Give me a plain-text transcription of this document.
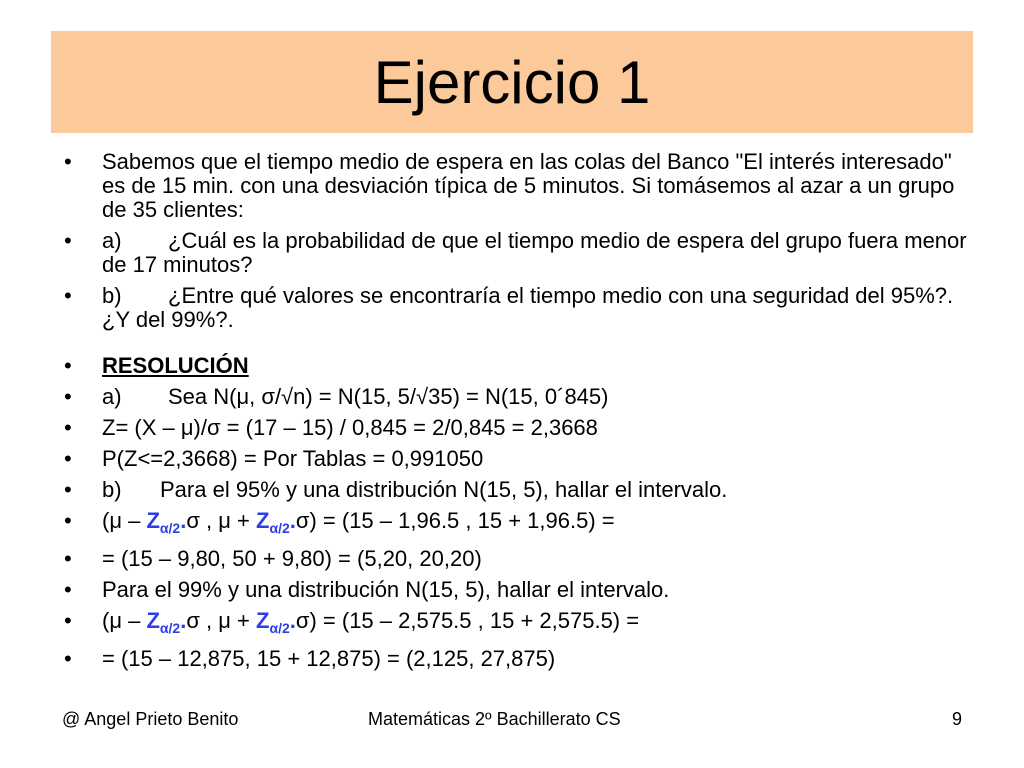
Ejercicio 1
• Sabemos que el tiempo medio de espera en las colas del Banco "El interés interesado" es de 15 min. con una desviación típica de 5 minutos. Si tomásemos al azar a un grupo de 35 clientes:
• a) ¿Cuál es la probabilidad de que el tiempo medio de espera del grupo fuera menor de 17 minutos?
• b) ¿Entre qué valores se encontraría el tiempo medio con una seguridad del 95%?. ¿Y del 99%?.
• RESOLUCIÓN
• a) Sea N(μ, σ/√n) = N(15, 5/√35) = N(15, 0´845)
• Z= (X – μ)/σ = (17 – 15) / 0,845 = 2/0,845 = 2,3668
• P(Z<=2,3668) = Por Tablas = 0,991050
• b) Para el 95% y una distribución N(15, 5), hallar el intervalo.
• ($\mu - Z_{\alpha/2}.\sigma$ , $\mu + Z_{\alpha/2}.\sigma) = (15 - 1,96.5$ , 15 + 1,96.5) =
• = (15 – 9,80, 50 + 9,80) = (5,20, 20,20)
• Para el 99% y una distribución N(15, 5), hallar el intervalo.
• ($\mu - Z_{\alpha/2}.\sigma$ , $\mu + Z_{\alpha/2}.\sigma) = (15 - 2,575.5$ , 15 + 2,575.5) =
• = (15 – 12,875, 15 + 12,875) = (2,125, 27,875)
@ Angel Prieto Benito	Matemáticas 2º Bachillerato CS	9
